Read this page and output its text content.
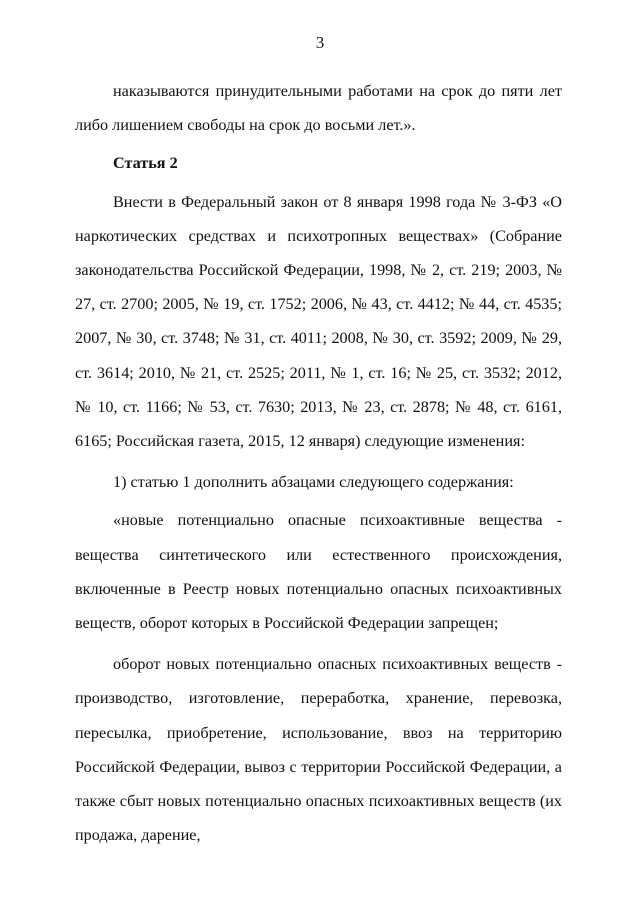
3

наказываются принудительными работами на срок до пяти лет либо лишением свободы на срок до восьми лет.».

Статья 2

Внести в Федеральный закон от 8 января 1998 года № 3-ФЗ «О наркотических средствах и психотропных веществах» (Собрание законодательства Российской Федерации, 1998, № 2, ст. 219; 2003, № 27, ст. 2700; 2005, № 19, ст. 1752; 2006, № 43, ст. 4412; № 44, ст. 4535; 2007, № 30, ст. 3748; № 31, ст. 4011; 2008, № 30, ст. 3592; 2009, № 29, ст. 3614; 2010, № 21, ст. 2525; 2011, № 1, ст. 16; № 25, ст. 3532; 2012, № 10, ст. 1166; № 53, ст. 7630; 2013, № 23, ст. 2878; № 48, ст. 6161, 6165; Российская газета, 2015, 12 января) следующие изменения:

1) статью 1 дополнить абзацами следующего содержания:

«новые потенциально опасные психоактивные вещества - вещества синтетического или естественного происхождения, включенные в Реестр новых потенциально опасных психоактивных веществ, оборот которых в Российской Федерации запрещен;

оборот новых потенциально опасных психоактивных веществ - производство, изготовление, переработка, хранение, перевозка, пересылка, приобретение, использование, ввоз на территорию Российской Федерации, вывоз с территории Российской Федерации, а также сбыт новых потенциально опасных психоактивных веществ (их продажа, дарение,
